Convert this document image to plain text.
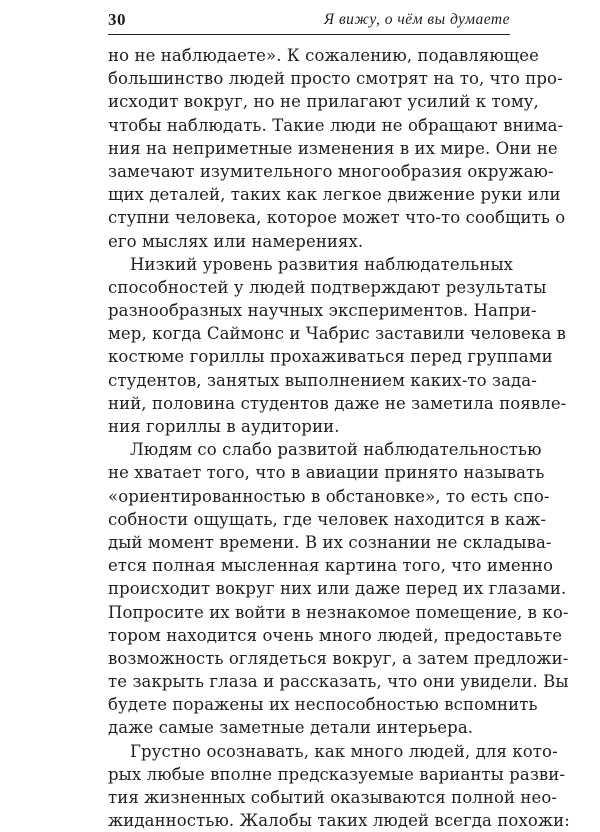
30	Я вижу, о чём вы думаете
но не наблюдаете». К сожалению, подавляющее
большинство людей просто смотрят на то, что про-
исходит вокруг, но не прилагают усилий к тому,
чтобы наблюдать. Такие люди не обращают внима-
ния на неприметные изменения в их мире. Они не
замечают изумительного многообразия окружаю-
щих деталей, таких как легкое движение руки или
ступни человека, которое может что-то сообщить о
его мыслях или намерениях.
Низкий уровень развития наблюдательных
способностей у людей подтверждают результаты
разнообразных научных экспериментов. Напри-
мер, когда Саймонс и Чабрис заставили человека в
костюме гориллы прохаживаться перед группами
студентов, занятых выполнением каких-то зада-
ний, половина студентов даже не заметила появле-
ния гориллы в аудитории.
Людям со слабо развитой наблюдательностью
не хватает того, что в авиации принято называть
«ориентированностью в обстановке», то есть спо-
собности ощущать, где человек находится в каж-
дый момент времени. В их сознании не складыва-
ется полная мысленная картина того, что именно
происходит вокруг них или даже перед их глазами.
Попросите их войти в незнакомое помещение, в ко-
тором находится очень много людей, предоставьте
возможность оглядеться вокруг, а затем предложи-
те закрыть глаза и рассказать, что они увидели. Вы
будете поражены их неспособностью вспомнить
даже самые заметные детали интерьера.
Грустно осознавать, как много людей, для кото-
рых любые вполне предсказуемые варианты разви-
тия жизненных событий оказываются полной нео-
жиданностью. Жалобы таких людей всегда похожи:
